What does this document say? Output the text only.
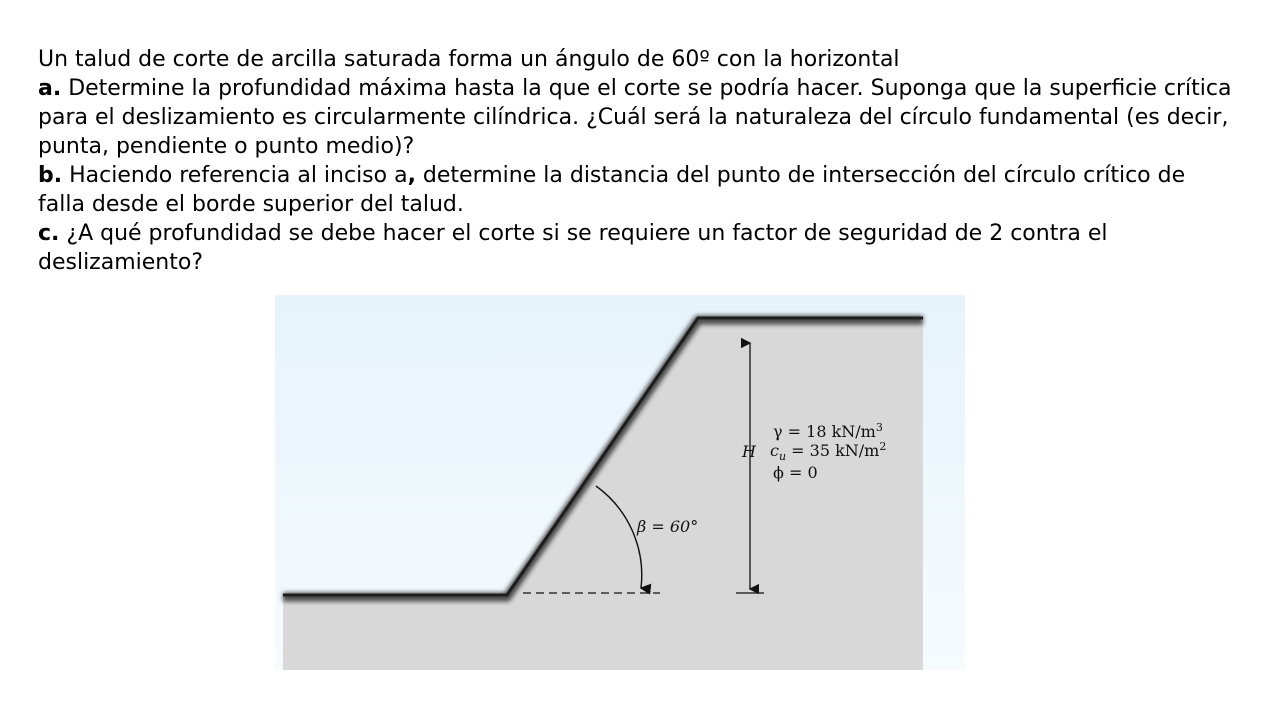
Un talud de corte de arcilla saturada forma un ángulo de 60º con la horizontal

a. Determine la profundidad máxima hasta la que el corte se podría hacer. Suponga que la superficie crítica para el deslizamiento es circularmente cilíndrica. ¿Cuál será la naturaleza del círculo fundamental (es decir, punta, pendiente o punto medio)?

b. Haciendo referencia al inciso a, determine la distancia del punto de intersección del círculo crítico de falla desde el borde superior del talud.

c. ¿A qué profundidad se debe hacer el corte si se requiere un factor de seguridad de 2 contra el deslizamiento?

β = 60°
H
γ = 18 $kN/m^3$
$c_u = 35$ $kN/m^2$
ϕ = 0
